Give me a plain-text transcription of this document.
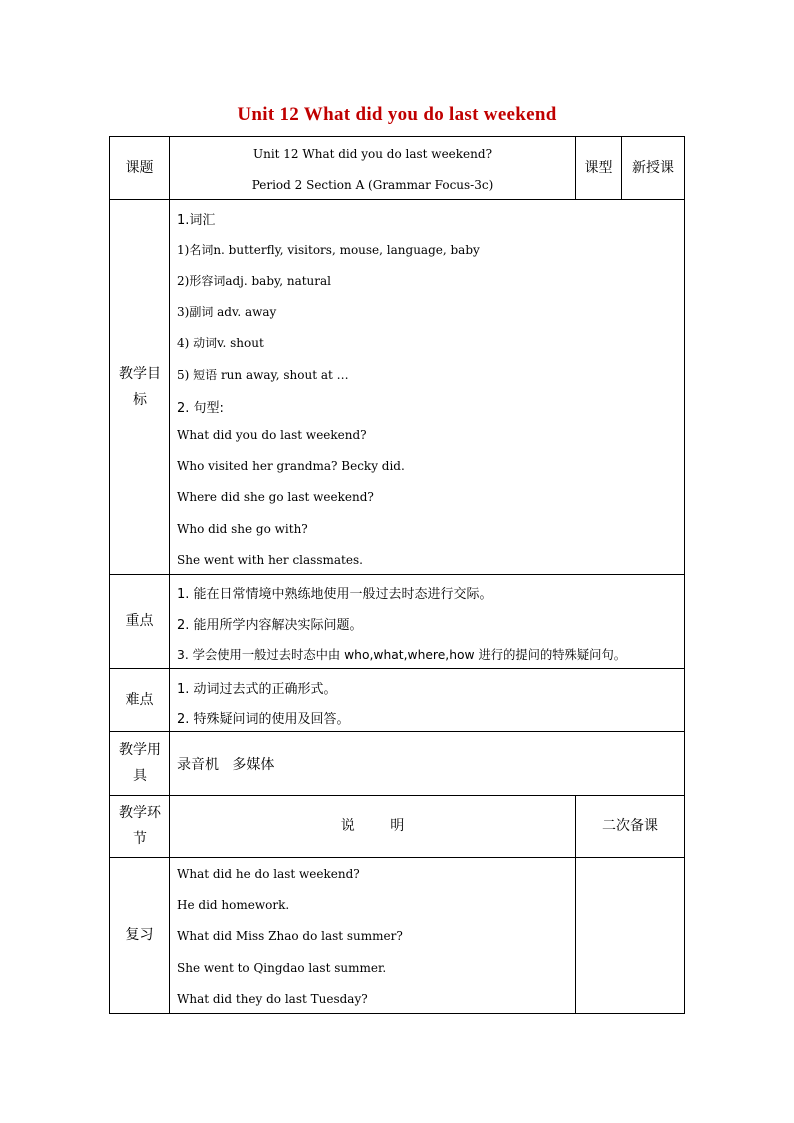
Unit 12 What did you do last weekend
课题
Unit 12 What did you do last weekend?
Period 2 Section A (Grammar Focus-3c)
课型	新授课
教学目
标
1.词汇
1)名词n. butterfly, visitors, mouse, language, baby
2)形容词adj. baby, natural
3)副词 adv. away
4) 动词v. shout
5) 短语 run away, shout at …
2. 句型:
What did you do last weekend?
Who visited her grandma? Becky did.
Where did she go last weekend?
Who did she go with?
She went with her classmates.
重点
1. 能在日常情境中熟练地使用一般过去时态进行交际。
2. 能用所学内容解决实际问题。
3. 学会使用一般过去时态中由 who,what,where,how 进行的提问的特殊疑问句。
难点
1. 动词过去式的正确形式。
2. 特殊疑问词的使用及回答。
教学用
具
录音机   多媒体
教学环
节
说        明	二次备课
复习
What did he do last weekend?
He did homework.
What did Miss Zhao do last summer?
She went to Qingdao last summer.
What did they do last Tuesday?
